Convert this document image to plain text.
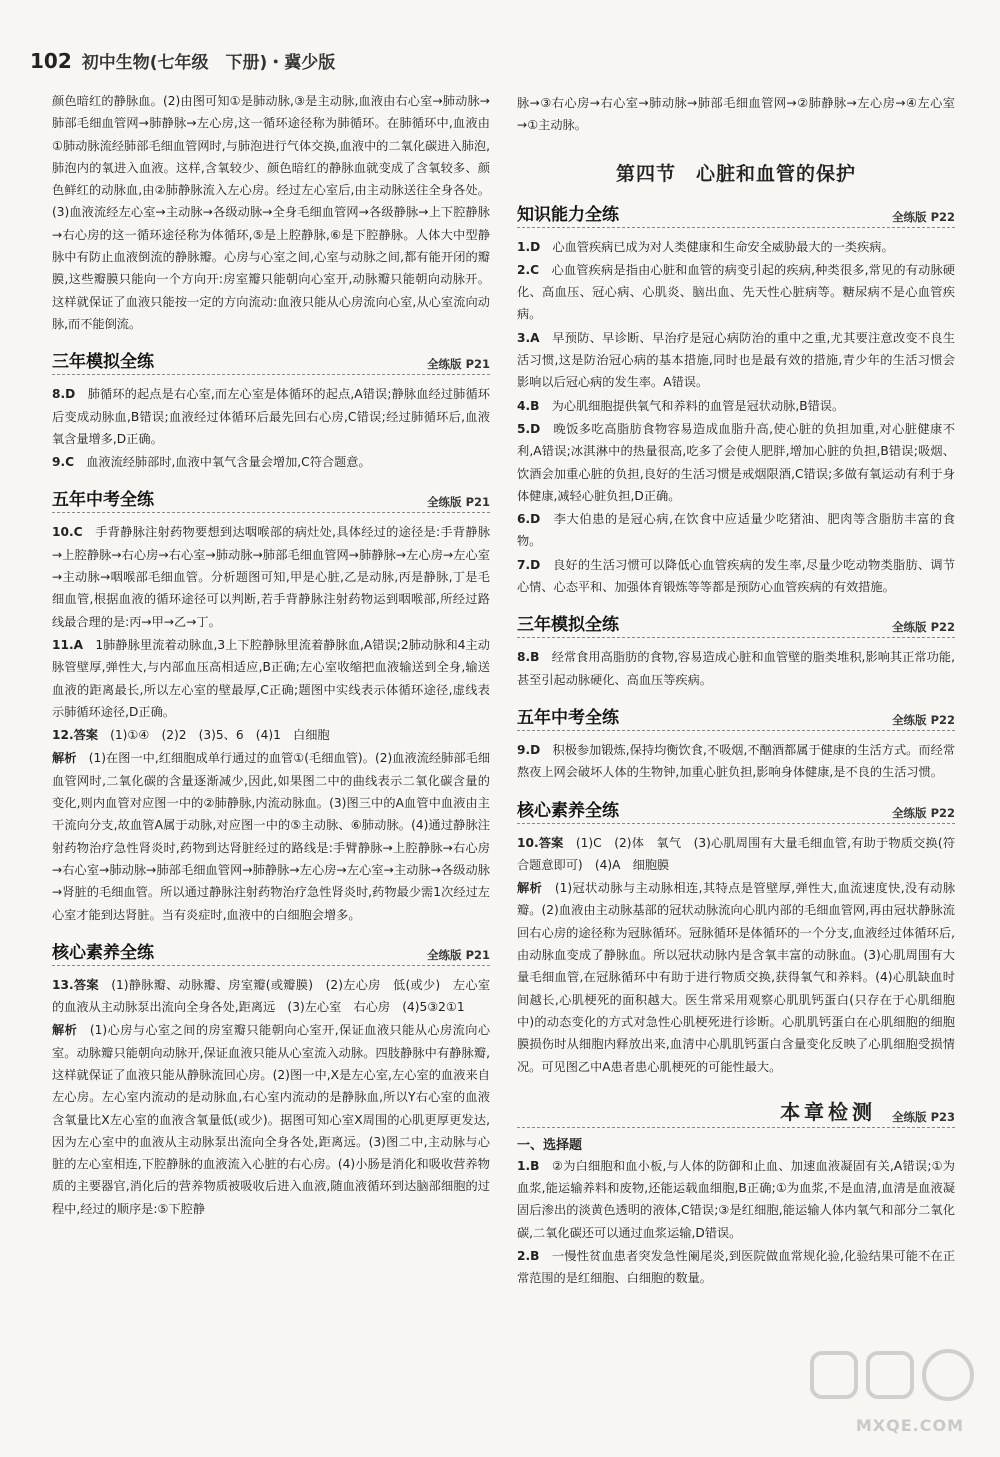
102 初中生物(七年级　下册)・冀少版

颜色暗红的静脉血。(2)由图可知①是肺动脉,③是主动脉,血液由右心室→肺动脉→肺部毛细血管网→肺静脉→左心房,这一循环途径称为肺循环。在肺循环中,血液由①肺动脉流经肺部毛细血管网时,与肺泡进行气体交换,血液中的二氧化碳进入肺泡,肺泡内的氧进入血液。这样,含氧较少、颜色暗红的静脉血就变成了含氧较多、颜色鲜红的动脉血,由②肺静脉流入左心房。经过左心室后,由主动脉送往全身各处。(3)血液流经左心室→主动脉→各级动脉→全身毛细血管网→各级静脉→上下腔静脉→右心房的这一循环途径称为体循环,⑤是上腔静脉,⑥是下腔静脉。人体大中型静脉中有防止血液倒流的静脉瓣。心房与心室之间,心室与动脉之间,都有能开闭的瓣膜,这些瓣膜只能向一个方向开:房室瓣只能朝向心室开,动脉瓣只能朝向动脉开。这样就保证了血液只能按一定的方向流动:血液只能从心房流向心室,从心室流向动脉,而不能倒流。

三年模拟全练	全练版 P21
8.D　 肺循环的起点是右心室,而左心室是体循环的起点,A错误;静脉血经过肺循环后变成动脉血,B错误;血液经过体循环后最先回右心房,C错误;经过肺循环后,血液氧含量增多,D正确。
9.C　 血液流经肺部时,血液中氧气含量会增加,C符合题意。
五年中考全练	全练版 P21
10.C　 手背静脉注射药物要想到达咽喉部的病灶处,具体经过的途径是:手背静脉→上腔静脉→右心房→右心室→肺动脉→肺部毛细血管网→肺静脉→左心房→左心室→主动脉→咽喉部毛细血管。分析题图可知,甲是心脏,乙是动脉,丙是静脉,丁是毛细血管,根据血液的循环途径可以判断,若手背静脉注射药物运到咽喉部,所经过路线最合理的是:丙→甲→乙→丁。
11.A　 1肺静脉里流着动脉血,3上下腔静脉里流着静脉血,A错误;2肺动脉和4主动脉管壁厚,弹性大,与内部血压高相适应,B正确;左心室收缩把血液输送到全身,输送血液的距离最长,所以左心室的壁最厚,C正确;题图中实线表示体循环途径,虚线表示肺循环途径,D正确。
12.答案　 (1)①④　(2)2　(3)5、6　(4)1　白细胞
解析　 (1)在图一中,红细胞成单行通过的血管①(毛细血管)。(2)血液流经肺部毛细血管网时,二氧化碳的含量逐渐减少,因此,如果图二中的曲线表示二氧化碳含量的变化,则内血管对应图一中的②肺静脉,内流动脉血。(3)图三中的A血管中血液由主干流向分支,故血管A属于动脉,对应图一中的⑤主动脉、⑥肺动脉。(4)通过静脉注射药物治疗急性肾炎时,药物到达肾脏经过的路线是:手臂静脉→上腔静脉→右心房→右心室→肺动脉→肺部毛细血管网→肺静脉→左心房→左心室→主动脉→各级动脉→肾脏的毛细血管。所以通过静脉注射药物治疗急性肾炎时,药物最少需1次经过左心室才能到达肾脏。当有炎症时,血液中的白细胞会增多。
核心素养全练	全练版 P21
13.答案　 (1)静脉瓣、动脉瓣、房室瓣(或瓣膜)　(2)左心房　低(或少)　左心室的血液从主动脉泵出流向全身各处,距离远　(3)左心室　右心房　(4)5③2①1
解析　 (1)心房与心室之间的房室瓣只能朝向心室开,保证血液只能从心房流向心室。动脉瓣只能朝向动脉开,保证血液只能从心室流入动脉。四肢静脉中有静脉瓣,这样就保证了血液只能从静脉流回心房。(2)图一中,X是左心室,左心室的血液来自左心房。左心室内流动的是动脉血,右心室内流动的是静脉血,所以Y右心室的血液含氧量比X左心室的血液含氧量低(或少)。据图可知心室X周围的心肌更厚更发达,因为左心室中的血液从主动脉泵出流向全身各处,距离远。(3)图二中,主动脉与心脏的左心室相连,下腔静脉的血液流入心脏的右心房。(4)小肠是消化和吸收营养物质的主要器官,消化后的营养物质被吸收后进入血液,随血液循环到达脑部细胞的过程中,经过的顺序是:⑤下腔静

脉→③右心房→右心室→肺动脉→肺部毛细血管网→②肺静脉→左心房→④左心室→①主动脉。

第四节　心脏和血管的保护
知识能力全练	全练版 P22
1.D　 心血管疾病已成为对人类健康和生命安全威胁最大的一类疾病。
2.C　 心血管疾病是指由心脏和血管的病变引起的疾病,种类很多,常见的有动脉硬化、高血压、冠心病、心肌炎、脑出血、先天性心脏病等。糖尿病不是心血管疾病。
3.A　 早预防、早诊断、早治疗是冠心病防治的重中之重,尤其要注意改变不良生活习惯,这是防治冠心病的基本措施,同时也是最有效的措施,青少年的生活习惯会影响以后冠心病的发生率。A错误。
4.B　 为心肌细胞提供氧气和养料的血管是冠状动脉,B错误。
5.D　 晚饭多吃高脂肪食物容易造成血脂升高,使心脏的负担加重,对心脏健康不利,A错误;冰淇淋中的热量很高,吃多了会使人肥胖,增加心脏的负担,B错误;吸烟、饮酒会加重心脏的负担,良好的生活习惯是戒烟限酒,C错误;多做有氧运动有利于身体健康,减轻心脏负担,D正确。
6.D　 李大伯患的是冠心病,在饮食中应适量少吃猪油、肥肉等含脂肪丰富的食物。
7.D　 良好的生活习惯可以降低心血管疾病的发生率,尽量少吃动物类脂肪、调节心情、心态平和、加强体育锻炼等等都是预防心血管疾病的有效措施。
三年模拟全练	全练版 P22
8.B　 经常食用高脂肪的食物,容易造成心脏和血管壁的脂类堆积,影响其正常功能,甚至引起动脉硬化、高血压等疾病。
五年中考全练	全练版 P22
9.D　 积极参加锻炼,保持均衡饮食,不吸烟,不酗酒都属于健康的生活方式。而经常熬夜上网会破坏人体的生物钟,加重心脏负担,影响身体健康,是不良的生活习惯。
核心素养全练	全练版 P22
10.答案　 (1)C　(2)体　氧气　(3)心肌周围有大量毛细血管,有助于物质交换(符合题意即可)　(4)A　细胞膜
解析　 (1)冠状动脉与主动脉相连,其特点是管壁厚,弹性大,血流速度快,没有动脉瓣。(2)血液由主动脉基部的冠状动脉流向心肌内部的毛细血管网,再由冠状静脉流回右心房的途径称为冠脉循环。冠脉循环是体循环的一个分支,血液经过体循环后,由动脉血变成了静脉血。所以冠状动脉内是含氧丰富的动脉血。(3)心肌周围有大量毛细血管,在冠脉循环中有助于进行物质交换,获得氧气和养料。(4)心肌缺血时间越长,心肌梗死的面积越大。医生常采用观察心肌肌钙蛋白(只存在于心肌细胞中)的动态变化的方式对急性心肌梗死进行诊断。心肌肌钙蛋白在心肌细胞的细胞膜损伤时从细胞内释放出来,血清中心肌肌钙蛋白含量变化反映了心肌细胞受损情况。可见图乙中A患者患心肌梗死的可能性最大。
本章检测 全练版 P23
一、选择题
1.B　 ②为白细胞和血小板,与人体的防御和止血、加速血液凝固有关,A错误;①为血浆,能运输养料和废物,还能运载血细胞,B正确;①为血浆,不是血清,血清是血液凝固后渗出的淡黄色透明的液体,C错误;③是红细胞,能运输人体内氧气和部分二氧化碳,二氧化碳还可以通过血浆运输,D错误。
2.B　 一慢性贫血患者突发急性阑尾炎,到医院做血常规化验,化验结果可能不在正常范围的是红细胞、白细胞的数量。
MXQE.COM
